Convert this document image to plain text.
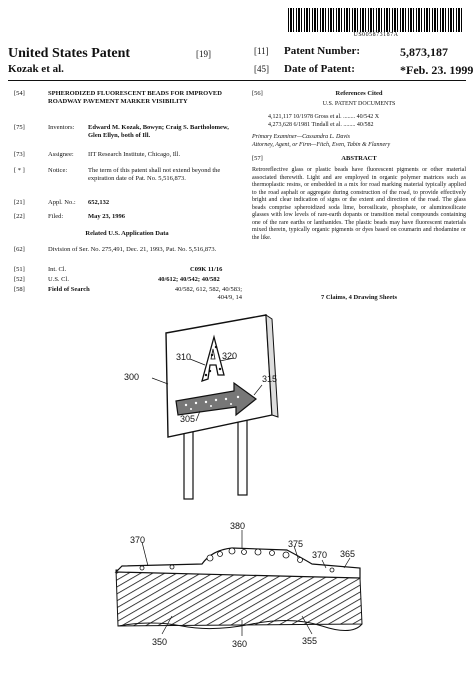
US005873187A
United States Patent	[19]
Kozak et al.
[11] Patent Number:	5,873,187
[45] Date of Patent:	*Feb. 23. 1999
[54]	SPHERODIZED FLUORESCENT BEADS FOR IMPROVED ROADWAY PAVEMENT MARKER VISIBILITY
[75]	Inventors: Edward M. Kozak, Bowyn; Craig S. Bartholomew, Glen Ellyn, both of Ill.
[73]	Assignee: IIT Research Institute, Chicago, Ill.
[ * ]	Notice:	The term of this patent shall not extend beyond the expiration date of Pat. No. 5,516,873.
[21]	Appl. No.: 652,132
[22]	Filed:	May 23, 1996
Related U.S. Application Data
[62]	Division of Ser. No. 275,491, Dec. 21, 1993, Pat. No. 5,516,873.
[51]	Int. Cl.	C09K 11/16
[52]	U.S. Cl.	40/612; 40/542; 40/582
[58]	Field of Search	40/582, 612, 582, 40/583; 404/9, 14
[56]	References Cited
U.S. PATENT DOCUMENTS
4,121,117 10/1978 Gross et al. ........ 40/542 X
4,273,628 6/1981 Tindall et al. ........ 40/582
Primary Examiner—Cassandra L. Davis
Attorney, Agent, or Firm—Fitch, Even, Tabin & Flannery
[57]	ABSTRACT
Retroreflective glass or plastic beads have fluorescent pigments or other material associated therewith. Light and are employed in organic polymer matrices such as thermoplastic resins, or embedded in a mix for road marking material typically applied to the road asphalt or aggregate during construction of the road, to provide effectively bright and clear indication of signs or the extent and direction of the road. The glass beads comprise spheroidized soda lime, borosilicate, phosphate, or aluminosilicate glasses with low levels of rare-earth dopants or transition metal compounds containing one of the rare earths or lanthanides. The plastic beads may have fluorescent materials mixed therein, typically organic pigments or dyes based on coumarin and rhodamine or the like.
7 Claims, 4 Drawing Sheets
300
310	320
315
305
380
370	375
370 365
350	360	355
